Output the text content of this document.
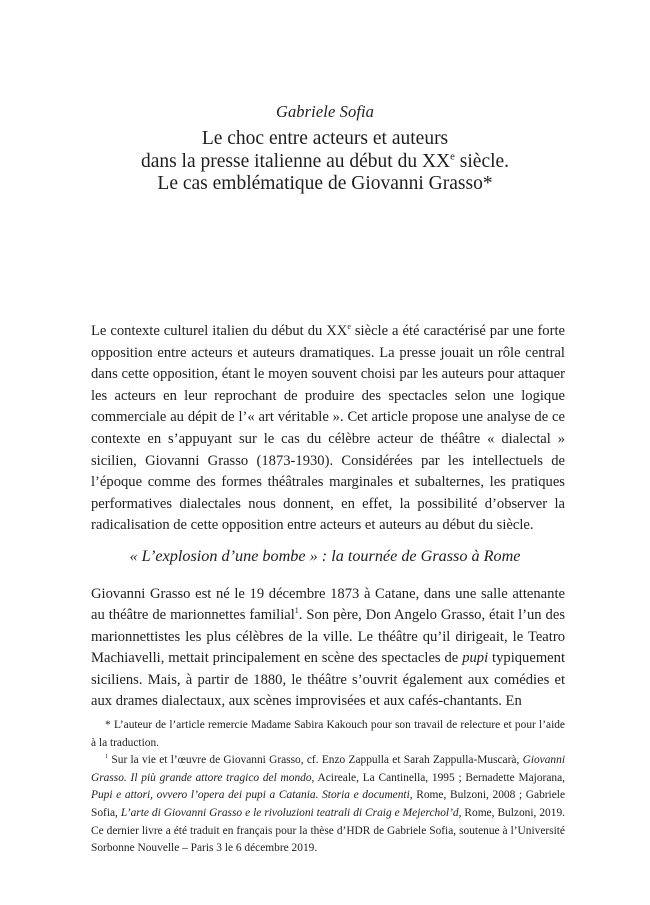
Gabriele Sofia
Le choc entre acteurs et auteurs
dans la presse italienne au début du XXe siècle.
Le cas emblématique de Giovanni Grasso*
Le contexte culturel italien du début du XXe siècle a été caractérisé par une forte opposition entre acteurs et auteurs dramatiques. La presse jouait un rôle central dans cette opposition, étant le moyen souvent choisi par les auteurs pour attaquer les acteurs en leur reprochant de produire des spectacles selon une logique commerciale au dépit de l’« art véritable ». Cet article propose une analyse de ce contexte en s’appuyant sur le cas du célèbre acteur de théâtre « dialectal » sicilien, Giovanni Grasso (1873-1930). Considérées par les intellectuels de l’époque comme des formes théâtrales marginales et subalternes, les pratiques performatives dialectales nous donnent, en effet, la possibilité d’observer la radicalisation de cette opposition entre acteurs et auteurs au début du siècle.
« L’explosion d’une bombe » : la tournée de Grasso à Rome
Giovanni Grasso est né le 19 décembre 1873 à Catane, dans une salle attenante au théâtre de marionnettes familial$^1$. Son père, Don Angelo Grasso, était l’un des marionnettistes les plus célèbres de la ville. Le théâtre qu’il dirigeait, le Teatro Machiavelli, mettait principalement en scène des spectacles de pupi typiquement siciliens. Mais, à partir de 1880, le théâtre s’ouvrit également aux comédies et aux drames dialectaux, aux scènes improvisées et aux cafés-chantants. En

* L’auteur de l’article remercie Madame Sabira Kakouch pour son travail de relecture et pour l’aide à la traduction.

$^1$ Sur la vie et l’œuvre de Giovanni Grasso, cf. Enzo Zappulla et Sarah Zappulla-Muscarà, Giovanni Grasso. Il più grande attore tragico del mondo, Acireale, La Cantinella, 1995 ; Bernadette Majorana, Pupi e attori, ovvero l’opera dei pupi a Catania. Storia e documenti, Rome, Bulzoni, 2008 ; Gabriele Sofia, L’arte di Giovanni Grasso e le rivoluzioni teatrali di Craig e Mejerchol’d, Rome, Bulzoni, 2019. Ce dernier livre a été traduit en français pour la thèse d’HDR de Gabriele Sofia, soutenue à l’Université Sorbonne Nouvelle – Paris 3 le 6 décembre 2019.
